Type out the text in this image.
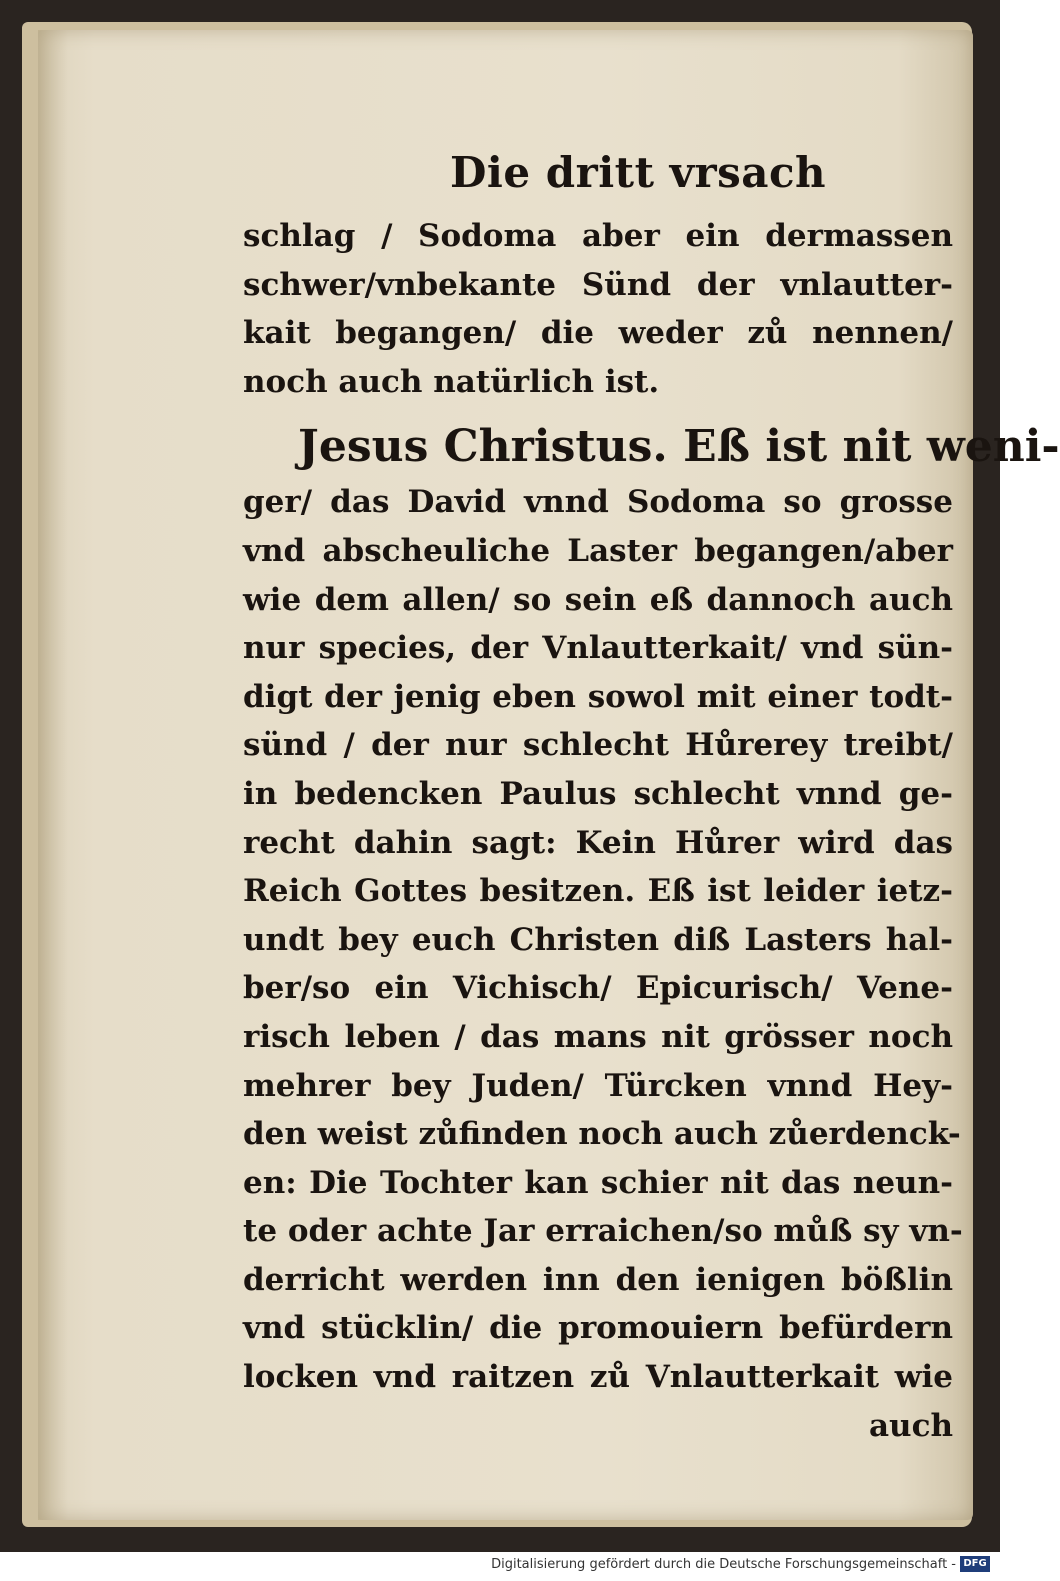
Die dritt vrsach
schlag / Sodoma aber ein dermassen
schwer/vnbekante Sünd der vnlautter-
kait begangen/ die weder zů nennen/
noch auch natürlich ist.
Jesus Christus. Eß ist nit weni-
ger/ das David vnnd Sodoma so grosse
vnd abscheuliche Laster begangen/aber
wie dem allen/ so sein eß dannoch auch
nur species, der Vnlautterkait/ vnd sün-
digt der jenig eben sowol mit einer todt-
sünd / der nur schlecht Hůrerey treibt/
in bedencken Paulus schlecht vnnd ge-
recht dahin sagt: Kein Hůrer wird das
Reich Gottes besitzen. Eß ist leider ietz-
undt bey euch Christen diß Lasters hal-
ber/so ein Vichisch/ Epicurisch/ Vene-
risch leben / das mans nit grösser noch
mehrer bey Juden/ Türcken vnnd Hey-
den weist zůfinden noch auch zůerdenck-
en: Die Tochter kan schier nit das neun-
te oder achte Jar erraichen/so můß sy vn-
derricht werden inn den ienigen bößlin
vnd stücklin/ die promouiern befürdern
locken vnd raitzen zů Vnlautterkait wie
auch
Digitalisierung gefördert durch die Deutsche Forschungsgemeinschaft - DFG
